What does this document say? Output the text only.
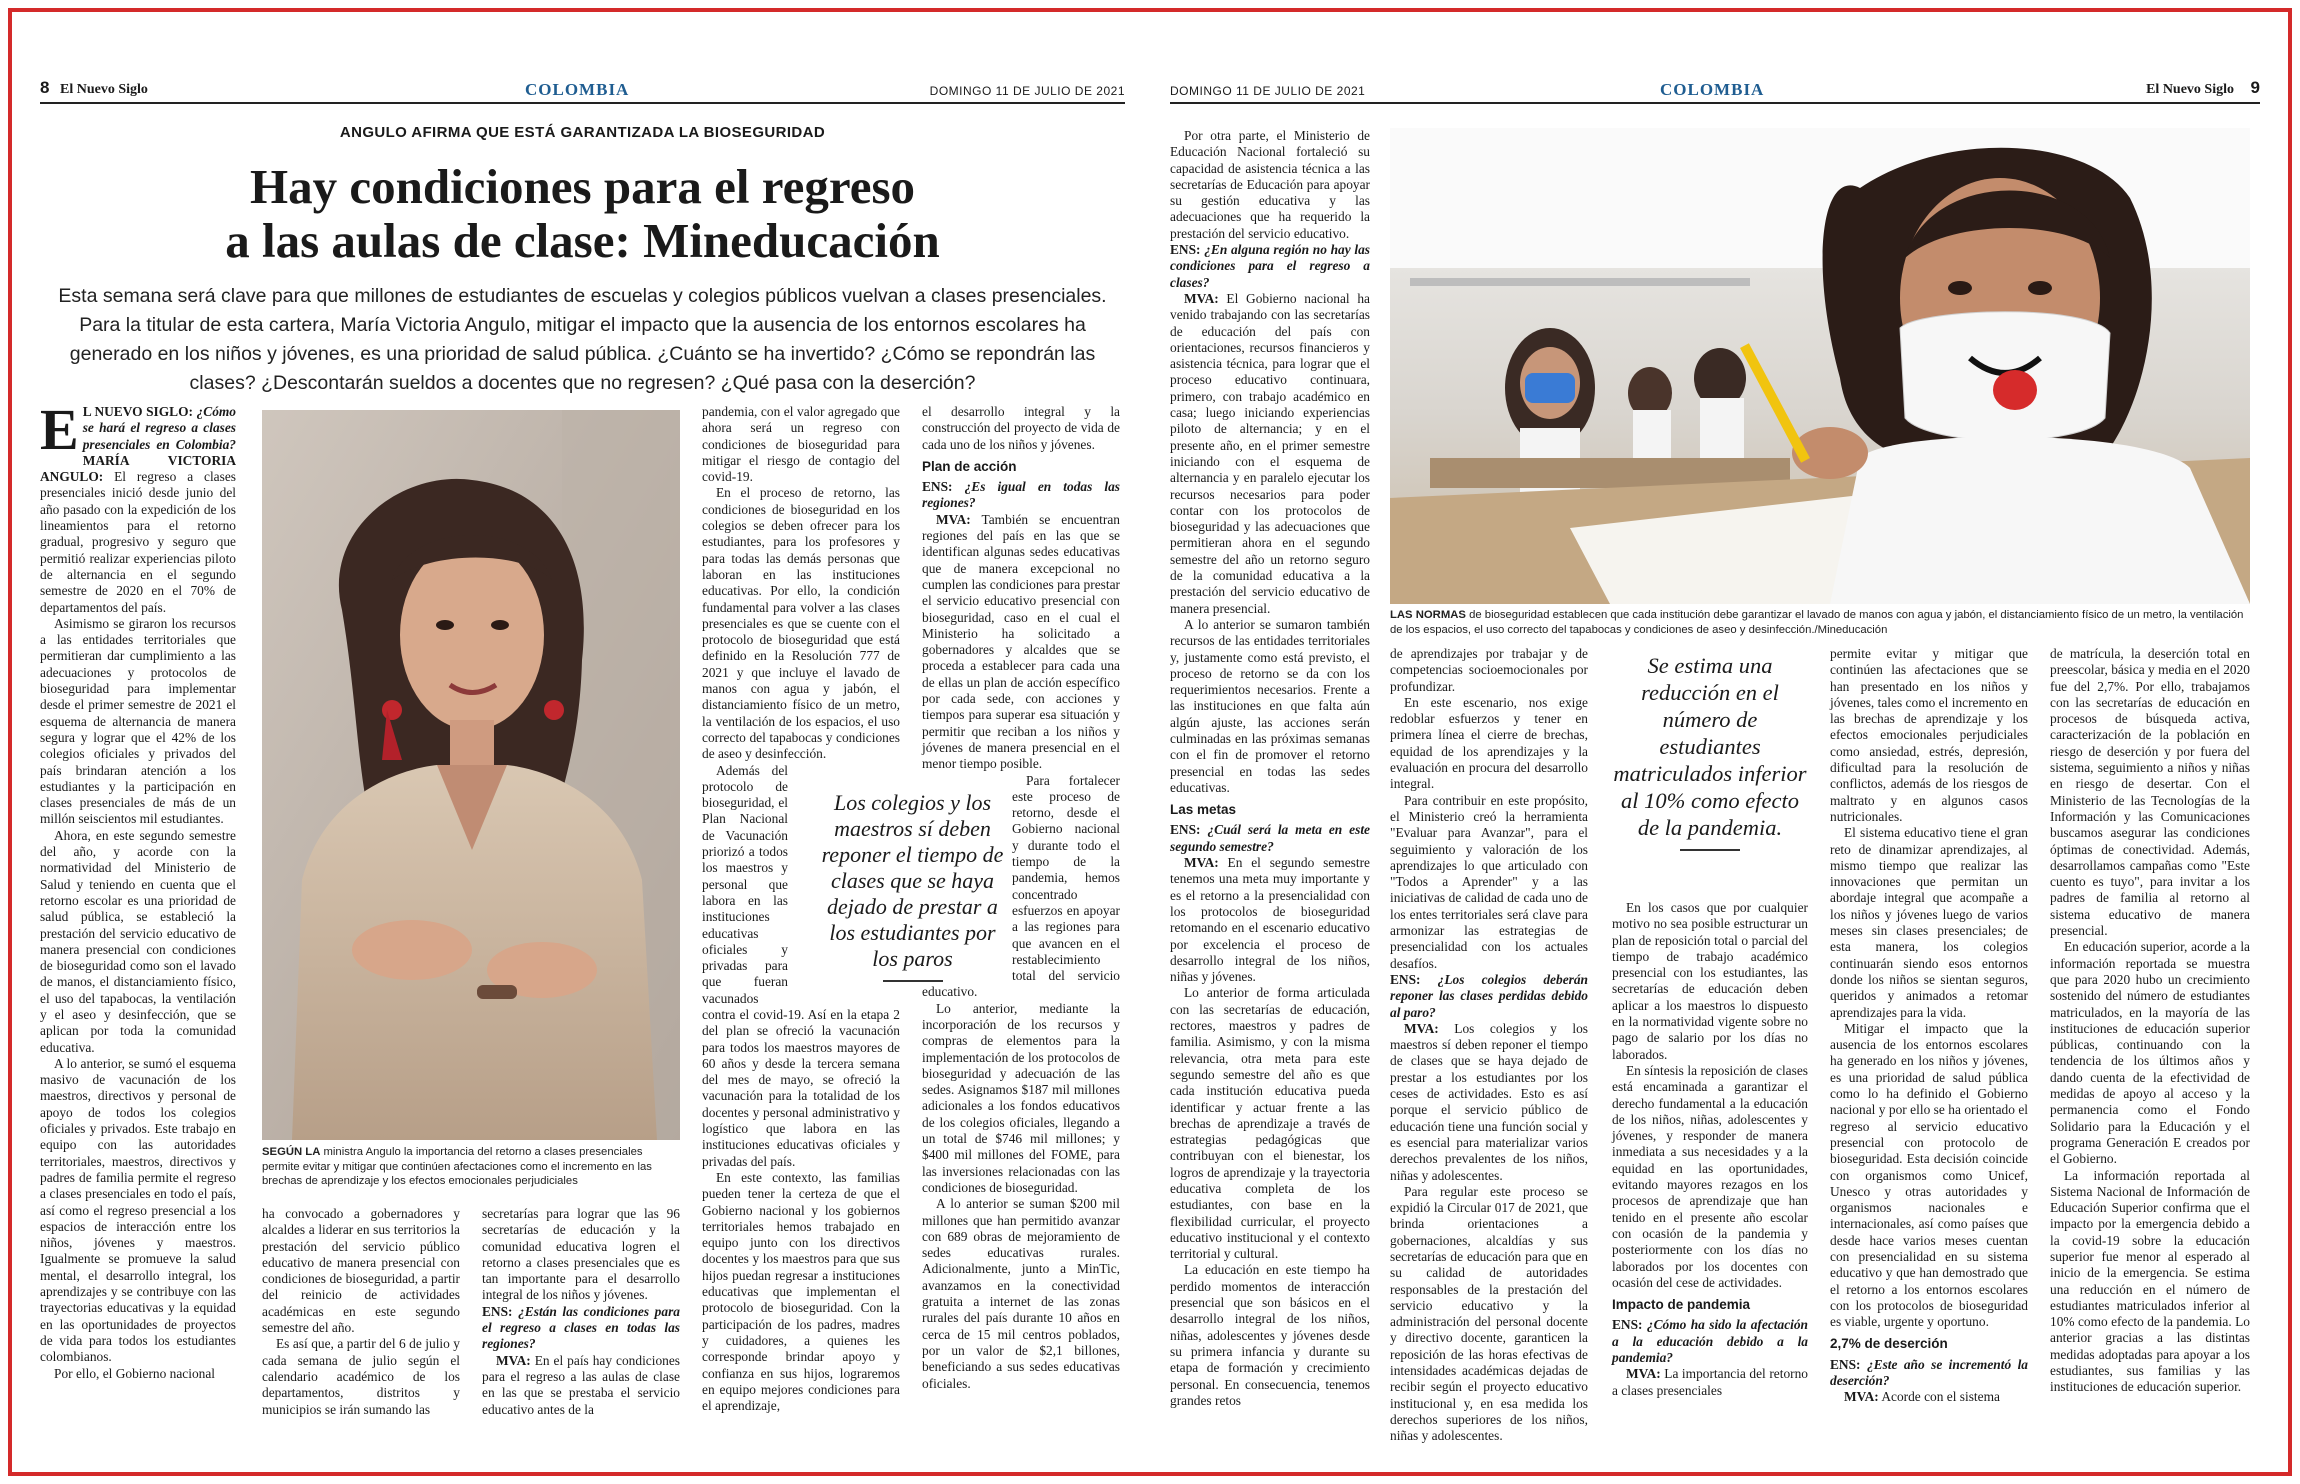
8 El Nuevo Siglo	COLOMBIA	DOMINGO 11 DE JULIO DE 2021
ANGULO AFIRMA QUE ESTÁ GARANTIZADA LA BIOSEGURIDAD
Hay condiciones para el regreso
a las aulas de clase: Mineducación
Esta semana será clave para que millones de estudiantes de escuelas y colegios públicos vuelvan a clases presenciales. Para la titular de esta cartera, María Victoria Angulo, mitigar el impacto que la ausencia de los entornos escolares ha generado en los niños y jóvenes, es una prioridad de salud pública. ¿Cuánto se ha invertido? ¿Cómo se repondrán las clases? ¿Descontarán sueldos a docentes que no regresen? ¿Qué pasa con la deserción?

E L NUEVO SIGLO: ¿Cómo se hará el regreso a clases presenciales en Colombia? MARÍA VICTORIA ANGULO: El regreso a clases presenciales inició desde junio del año pasado con la expedición de los lineamientos para el retorno gradual, progresivo y seguro que permitió realizar experiencias piloto de alternancia en el segundo semestre de 2020 en el 70% de departamentos del país.

Asimismo se giraron los recursos a las entidades territoriales que permitieran dar cumplimiento a las adecuaciones y protocolos de bioseguridad para implementar desde el primer semestre de 2021 el esquema de alternancia de manera segura y lograr que el 42% de los colegios oficiales y privados del país brindaran atención a los estudiantes y la participación en clases presenciales de más de un millón seiscientos mil estudiantes.

Ahora, en este segundo semestre del año, y acorde con la normatividad del Ministerio de Salud y teniendo en cuenta que el retorno escolar es una prioridad de salud pública, se estableció la prestación del servicio educativo de manera presencial con condiciones de bioseguridad como son el lavado de manos, el distanciamiento físico, el uso del tapabocas, la ventilación y el aseo y desinfección, que se aplican por toda la comunidad educativa.

A lo anterior, se sumó el esquema masivo de vacunación de los maestros, directivos y personal de apoyo de todos los colegios oficiales y privados. Este trabajo en equipo con las autoridades territoriales, maestros, directivos y padres de familia permite el regreso a clases presenciales en todo el país, así como el regreso presencial a los espacios de interacción entre los niños, jóvenes y maestros. Igualmente se promueve la salud mental, el desarrollo integral, los aprendizajes y se contribuye con las trayectorias educativas y la equidad en las oportunidades de proyectos de vida para todos los estudiantes colombianos.

Por ello, el Gobierno nacional

SEGÚN LA ministra Angulo la importancia del retorno a clases presenciales permite evitar y mitigar que continúen afectaciones como el incremento en las brechas de aprendizaje y los efectos emocionales perjudiciales

ha convocado a gobernadores y alcaldes a liderar en sus territorios la prestación del servicio público educativo de manera presencial con condiciones de bioseguridad, a partir del reinicio de actividades académicas en este segundo semestre del año.

Es así que, a partir del 6 de julio y cada semana de julio según el calendario académico de los departamentos, distritos y municipios se irán sumando las

secretarías para lograr que las 96 secretarías de educación y la comunidad educativa logren el retorno a clases presenciales que es tan importante para el desarrollo integral de los niños y jóvenes.

ENS: ¿Están las condiciones para el regreso a clases en todas las regiones?

MVA: En el país hay condiciones para el regreso a las aulas de clase en las que se prestaba el servicio educativo antes de la

pandemia, con el valor agregado que ahora será un regreso con condiciones de bioseguridad para mitigar el riesgo de contagio del covid-19.

En el proceso de retorno, las condiciones de bioseguridad en los colegios se deben ofrecer para los estudiantes, para los profesores y para todas las demás personas que laboran en las instituciones educativas. Por ello, la condición fundamental para volver a las clases presenciales es que se cuente con el protocolo de bioseguridad que está definido en la Resolución 777 de 2021 y que incluye el lavado de manos con agua y jabón, el distanciamiento físico de un metro, la ventilación de los espacios, el uso correcto del tapabocas y condiciones de aseo y desinfección.

Además del protocolo de bioseguridad, el Plan Nacional de Vacunación priorizó a todos los maestros y personal que labora en las instituciones educativas oficiales y privadas para que fueran vacunados contra el covid-19. Así en la etapa 2 del plan se ofreció la vacunación para todos los maestros mayores de 60 años y desde la tercera semana del mes de mayo, se ofreció la vacunación para la totalidad de los docentes y personal administrativo y logístico que labora en las instituciones educativas oficiales y privadas del país.

En este contexto, las familias pueden tener la certeza de que el Gobierno nacional y los gobiernos territoriales hemos trabajado en equipo junto con los directivos docentes y los maestros para que sus hijos puedan regresar a instituciones educativas que implementan el protocolo de bioseguridad. Con la participación de los padres, madres y cuidadores, a quienes les corresponde brindar apoyo y confianza en sus hijos, lograremos en equipo mejores condiciones para el aprendizaje,

Los colegios y los maestros sí deben reponer el tiempo de clases que se haya dejado de prestar a los estudiantes por los paros

el desarrollo integral y la construcción del proyecto de vida de cada uno de los niños y jóvenes.

Plan de acción

ENS: ¿Es igual en todas las regiones?

MVA: También se encuentran regiones del país en las que se identifican algunas sedes educativas que de manera excepcional no cumplen las condiciones para prestar el servicio educativo presencial con bioseguridad, caso en el cual el Ministerio ha solicitado a gobernadores y alcaldes que se proceda a establecer para cada una de ellas un plan de acción específico por cada sede, con acciones y tiempos para superar esa situación y permitir que reciban a los niños y jóvenes de manera presencial en el menor tiempo posible.

Para fortalecer este proceso de retorno, desde el Gobierno nacional y durante todo el tiempo de la pandemia, hemos concentrado esfuerzos en apoyar a las regiones para que avancen en el restablecimiento total del servicio educativo.

Lo anterior, mediante la incorporación de los recursos y compras de elementos para la implementación de los protocolos de bioseguridad y adecuación de las sedes. Asignamos $187 mil millones adicionales a los fondos educativos de los colegios oficiales, llegando a un total de $746 mil millones; y $400 mil millones del FOME, para las inversiones relacionadas con las condiciones de bioseguridad.

A lo anterior se suman $200 mil millones que han permitido avanzar con 689 obras de mejoramiento de sedes educativas rurales. Adicionalmente, junto a MinTic, avanzamos en la conectividad gratuita a internet de las zonas rurales del país durante 10 años en cerca de 15 mil centros poblados, por un valor de $2,1 billones, beneficiando a sus sedes educativas oficiales.

DOMINGO 11 DE JULIO DE 2021	COLOMBIA	El Nuevo Siglo 9

Por otra parte, el Ministerio de Educación Nacional fortaleció su capacidad de asistencia técnica a las secretarías de Educación para apoyar su gestión educativa y las adecuaciones que ha requerido la prestación del servicio educativo.

ENS: ¿En alguna región no hay las condiciones para el regreso a clases?

MVA: El Gobierno nacional ha venido trabajando con las secretarías de educación del país con orientaciones, recursos financieros y asistencia técnica, para lograr que el proceso educativo continuara, primero, con trabajo académico en casa; luego iniciando experiencias piloto de alternancia; y en el presente año, en el primer semestre iniciando con el esquema de alternancia y en paralelo ejecutar los recursos necesarios para poder contar con los protocolos de bioseguridad y las adecuaciones que permitieran ahora en el segundo semestre del año un retorno seguro de la comunidad educativa a la prestación del servicio educativo de manera presencial.

A lo anterior se sumaron también recursos de las entidades territoriales y, justamente como está previsto, el proceso de retorno se da con los requerimientos necesarios. Frente a las instituciones en que falta aún algún ajuste, las acciones serán culminadas en las próximas semanas con el fin de promover el retorno presencial en todas las sedes educativas.

Las metas

ENS: ¿Cuál será la meta en este segundo semestre?

MVA: En el segundo semestre tenemos una meta muy importante y es el retorno a la presencialidad con los protocolos de bioseguridad retomando en el escenario educativo por excelencia el proceso de desarrollo integral de los niños, niñas y jóvenes.

Lo anterior de forma articulada con las secretarías de educación, rectores, maestros y padres de familia. Asimismo, y con la misma relevancia, otra meta para este segundo semestre del año es que cada institución educativa pueda identificar y actuar frente a las brechas de aprendizaje a través de estrategias pedagógicas que contribuyan con el bienestar, los logros de aprendizaje y la trayectoria educativa completa de los estudiantes, con base en la flexibilidad curricular, el proyecto educativo institucional y el contexto territorial y cultural.

La educación en este tiempo ha perdido momentos de interacción presencial que son básicos en el desarrollo integral de los niños, niñas, adolescentes y jóvenes desde su primera infancia y durante su etapa de formación y crecimiento personal. En consecuencia, tenemos grandes retos

LAS NORMAS de bioseguridad establecen que cada institución debe garantizar el lavado de manos con agua y jabón, el distanciamiento físico de un metro, la ventilación de los espacios, el uso correcto del tapabocas y condiciones de aseo y desinfección./Mineducación

de aprendizajes por trabajar y de competencias socioemocionales por profundizar.

En este escenario, nos exige redoblar esfuerzos y tener en primera línea el cierre de brechas, equidad de los aprendizajes y la evaluación en procura del desarrollo integral.

Para contribuir en este propósito, el Ministerio creó la herramienta "Evaluar para Avanzar", para el seguimiento y valoración de los aprendizajes lo que articulado con "Todos a Aprender" y a las iniciativas de calidad de cada uno de los entes territoriales será clave para armonizar las estrategias de presencialidad con los actuales desafíos.

ENS: ¿Los colegios deberán reponer las clases perdidas debido al paro?

MVA: Los colegios y los maestros sí deben reponer el tiempo de clases que se haya dejado de prestar a los estudiantes por los ceses de actividades. Esto es así porque el servicio público de educación tiene una función social y es esencial para materializar varios derechos prevalentes de los niños, niñas y adolescentes.

Para regular este proceso se expidió la Circular 017 de 2021, que brinda orientaciones a gobernaciones, alcaldías y sus secretarías de educación para que en su calidad de autoridades responsables de la prestación del servicio educativo y la administración del personal docente y directivo docente, garanticen la reposición de las horas efectivas de intensidades académicas dejadas de recibir según el proyecto educativo institucional y, en esa medida los derechos superiores de los niños, niñas y adolescentes.

Se estima una reducción en el número de estudiantes matriculados inferior al 10% como efecto de la pandemia.

En los casos que por cualquier motivo no sea posible estructurar un plan de reposición total o parcial del tiempo de trabajo académico presencial con los estudiantes, las secretarías de educación deben aplicar a los maestros lo dispuesto en la normatividad vigente sobre no pago de salario por los días no laborados.

En síntesis la reposición de clases está encaminada a garantizar el derecho fundamental a la educación de los niños, niñas, adolescentes y jóvenes, y responder de manera inmediata a sus necesidades y a la equidad en las oportunidades, evitando mayores rezagos en los procesos de aprendizaje que han tenido en el presente año escolar con ocasión de la pandemia y posteriormente con los días no laborados por los docentes con ocasión del cese de actividades.

Impacto de pandemia

ENS: ¿Cómo ha sido la afectación a la educación debido a la pandemia?

MVA: La importancia del retorno a clases presenciales

permite evitar y mitigar que continúen las afectaciones que se han presentado en los niños y jóvenes, tales como el incremento en las brechas de aprendizaje y los efectos emocionales perjudiciales como ansiedad, estrés, depresión, dificultad para la resolución de conflictos, además de los riesgos de maltrato y en algunos casos nutricionales.

El sistema educativo tiene el gran reto de dinamizar aprendizajes, al mismo tiempo que realizar las innovaciones que permitan un abordaje integral que acompañe a los niños y jóvenes luego de varios meses sin clases presenciales; de esta manera, los colegios continuarán siendo esos entornos donde los niños se sientan seguros, queridos y animados a retomar aprendizajes para la vida.

Mitigar el impacto que la ausencia de los entornos escolares ha generado en los niños y jóvenes, es una prioridad de salud pública como lo ha definido el Gobierno nacional y por ello se ha orientado el regreso al servicio educativo presencial con protocolo de bioseguridad. Esta decisión coincide con organismos como Unicef, Unesco y otras autoridades y organismos nacionales e internacionales, así como países que desde hace varios meses cuentan con presencialidad en su sistema educativo y que han demostrado que el retorno a los entornos escolares con los protocolos de bioseguridad es viable, urgente y oportuno.

2,7% de deserción

ENS: ¿Este año se incrementó la deserción?

MVA: Acorde con el sistema

de matrícula, la deserción total en preescolar, básica y media en el 2020 fue del 2,7%. Por ello, trabajamos con las secretarías de educación en procesos de búsqueda activa, caracterización de la población en riesgo de deserción y por fuera del sistema, seguimiento a niños y niñas en riesgo de desertar. Con el Ministerio de las Tecnologías de la Información y las Comunicaciones buscamos asegurar las condiciones óptimas de conectividad. Además, desarrollamos campañas como "Este cuento es tuyo", para invitar a los padres de familia al retorno al sistema educativo de manera presencial.

En educación superior, acorde a la información reportada se muestra que para 2020 hubo un crecimiento sostenido del número de estudiantes matriculados, en la mayoría de las instituciones de educación superior públicas, continuando con la tendencia de los últimos años y dando cuenta de la efectividad de medidas de apoyo al acceso y la permanencia como el Fondo Solidario para la Educación y el programa Generación E creados por el Gobierno.

La información reportada al Sistema Nacional de Información de Educación Superior confirma que el impacto por la emergencia debido a la covid-19 sobre la educación superior fue menor al esperado al inicio de la emergencia. Se estima una reducción en el número de estudiantes matriculados inferior al 10% como efecto de la pandemia. Lo anterior gracias a las distintas medidas adoptadas para apoyar a los estudiantes, sus familias y las instituciones de educación superior.
